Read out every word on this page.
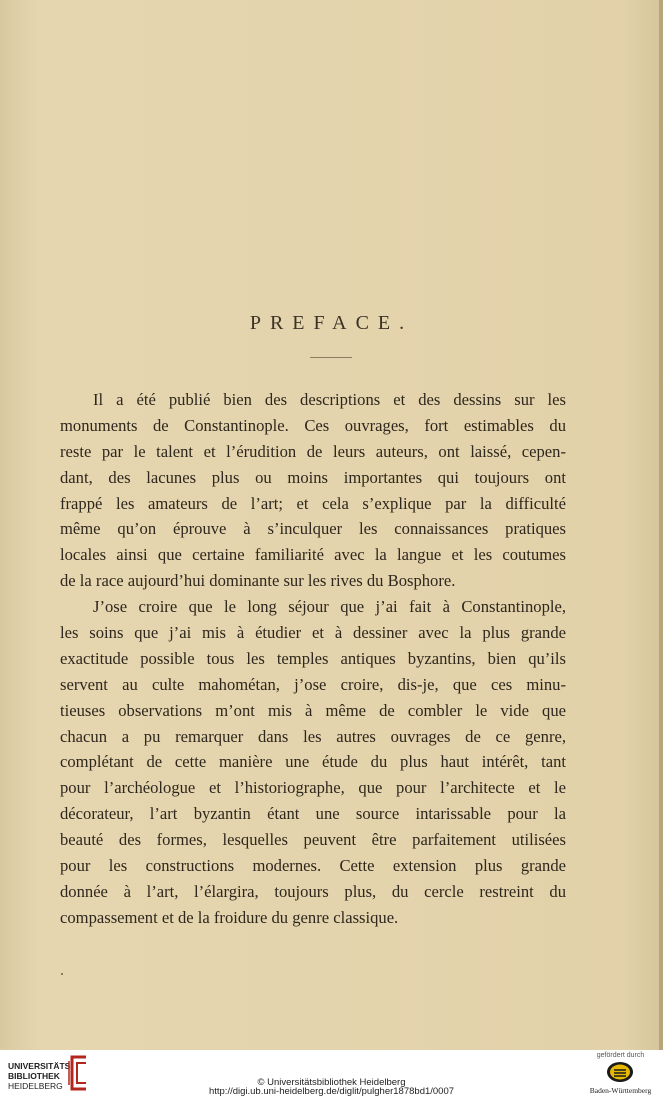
PREFACE.
Il a été publié bien des descriptions et des dessins sur les
monuments de Constantinople. Ces ouvrages, fort estimables du
reste par le talent et l’érudition de leurs auteurs, ont laissé, cepen-
dant, des lacunes plus ou moins importantes qui toujours ont
frappé les amateurs de l’art; et cela s’explique par la difficulté
même qu’on éprouve à s’inculquer les connaissances pratiques
locales ainsi que certaine familiarité avec la langue et les coutumes
de la race aujourd’hui dominante sur les rives du Bosphore.
J’ose croire que le long séjour que j’ai fait à Constantinople,
les soins que j’ai mis à étudier et à dessiner avec la plus grande
exactitude possible tous les temples antiques byzantins, bien qu’ils
servent au culte mahométan, j’ose croire, dis-je, que ces minu-
tieuses observations m’ont mis à même de combler le vide que
chacun a pu remarquer dans les autres ouvrages de ce genre,
complétant de cette manière une étude du plus haut intérêt, tant
pour l’archéologue et l’historiographe, que pour l’architecte et le
décorateur, l’art byzantin étant une source intarissable pour la
beauté des formes, lesquelles peuvent être parfaitement utilisées
pour les constructions modernes. Cette extension plus grande
donnée à l’art, l’élargira, toujours plus, du cercle restreint du
compassement et de la froidure du genre classique.
UNIVERSITÄTS-
BIBLIOTHEK
HEIDELBERG	© Universitätsbibliothek Heidelberg
http://digi.ub.uni-heidelberg.de/diglit/pulgher1878bd1/0007
gefördert durch
Baden-Württemberg
